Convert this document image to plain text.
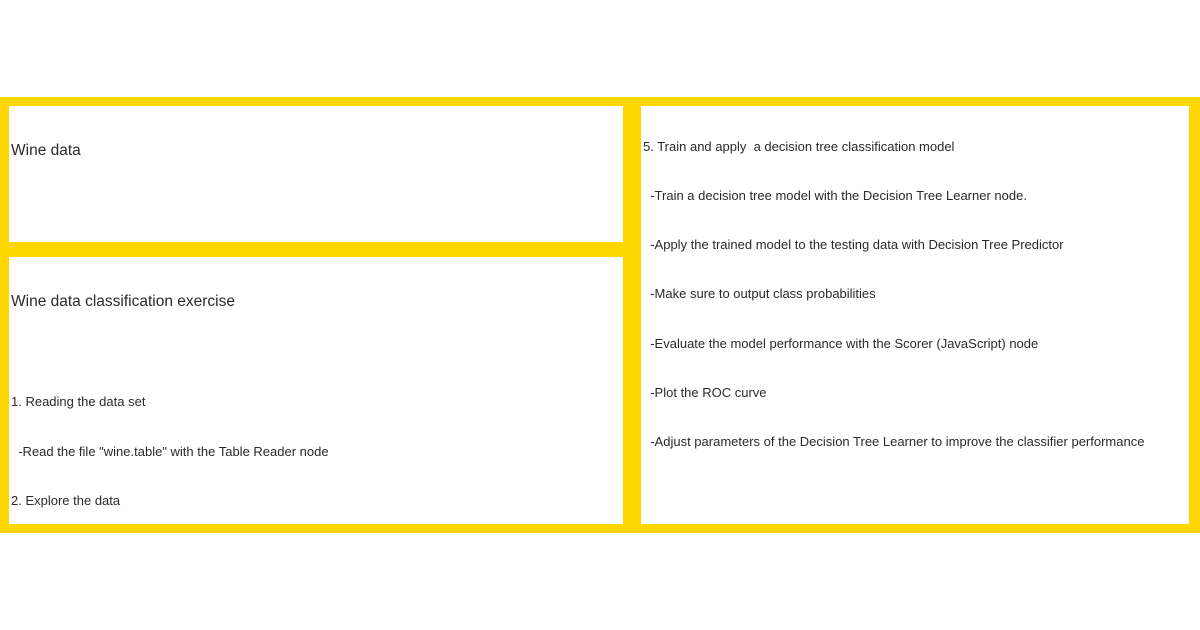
Wine data

Wine data classification exercise

1. Reading the data set

-Read the file "wine.table" with the Table Reader node

2. Explore the data

5. Train and apply  a decision tree classification model

-Train a decision tree model with the Decision Tree Learner node.

-Apply the trained model to the testing data with Decision Tree Predictor

-Make sure to output class probabilities

-Evaluate the model performance with the Scorer (JavaScript) node

-Plot the ROC curve

-Adjust parameters of the Decision Tree Learner to improve the classifier performance
